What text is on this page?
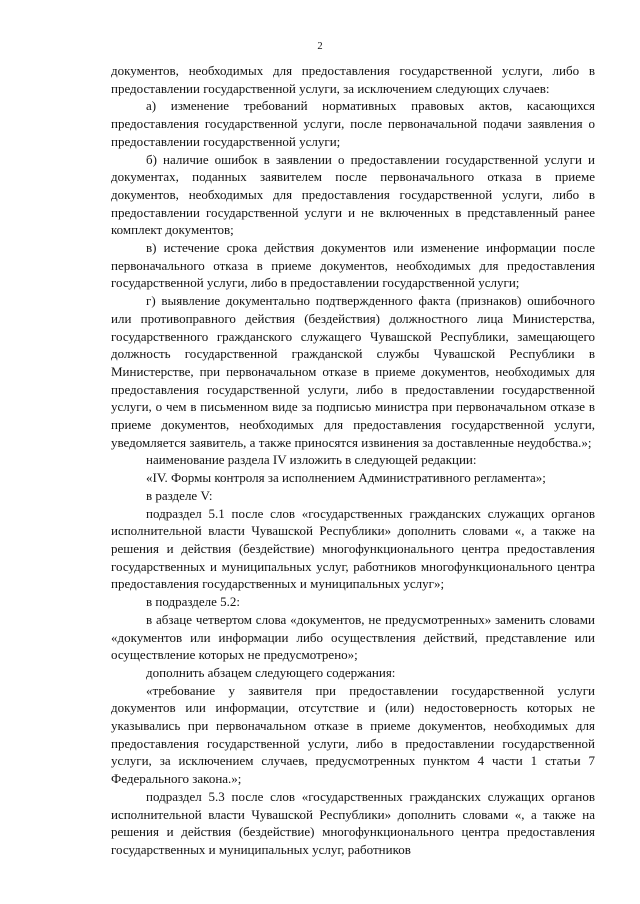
2

документов, необходимых для предоставления государственной услуги, либо в предоставлении государственной услуги, за исключением следующих случаев:

а) изменение требований нормативных правовых актов, касающихся предоставления государственной услуги, после первоначальной подачи заявления о предоставлении государственной услуги;

б) наличие ошибок в заявлении о предоставлении государственной услуги и документах, поданных заявителем после первоначального отказа в приеме документов, необходимых для предоставления государственной услуги, либо в предоставлении государственной услуги и не включенных в представленный ранее комплект документов;

в) истечение срока действия документов или изменение информации после первоначального отказа в приеме документов, необходимых для предоставления государственной услуги, либо в предоставлении государственной услуги;

г) выявление документально подтвержденного факта (признаков) ошибочного или противоправного действия (бездействия) должностного лица Министерства, государственного гражданского служащего Чувашской Республики, замещающего должность государственной гражданской службы Чувашской Республики в Министерстве, при первоначальном отказе в приеме документов, необходимых для предоставления государственной услуги, либо в предоставлении государственной услуги, о чем в письменном виде за подписью министра при первоначальном отказе в приеме документов, необходимых для предоставления государственной услуги, уведомляется заявитель, а также приносятся извинения за доставленные неудобства.»;

наименование раздела IV изложить в следующей редакции:

«IV. Формы контроля за исполнением Административного регламента»;

в разделе V:

подраздел 5.1 после слов «государственных гражданских служащих органов исполнительной власти Чувашской Республики» дополнить словами «, а также на решения и действия (бездействие) многофункционального центра предоставления государственных и муниципальных услуг, работников многофункционального центра предоставления государственных и муниципальных услуг»;

в подразделе 5.2:

в абзаце четвертом слова «документов, не предусмотренных» заменить словами «документов или информации либо осуществления действий, представление или осуществление которых не предусмотрено»;

дополнить абзацем следующего содержания:

«требование у заявителя при предоставлении государственной услуги документов или информации, отсутствие и (или) недостоверность которых не указывались при первоначальном отказе в приеме документов, необходимых для предоставления государственной услуги, либо в предоставлении государственной услуги, за исключением случаев, предусмотренных пунктом 4 части 1 статьи 7 Федерального закона.»;

подраздел 5.3 после слов «государственных гражданских служащих органов исполнительной власти Чувашской Республики» дополнить словами «, а также на решения и действия (бездействие) многофункционального центра предоставления государственных и муниципальных услуг, работников
